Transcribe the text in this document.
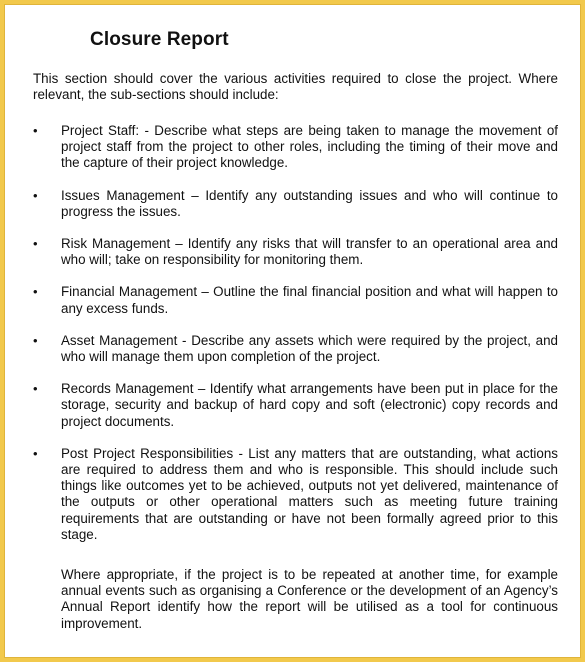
Closure Report
This section should cover the various activities required to close the project. Where relevant, the sub-sections should include:
•	Project Staff: - Describe what steps are being taken to manage the movement of project staff from the project to other roles, including the timing of their move and the capture of their project knowledge.
•	Issues Management – Identify any outstanding issues and who will continue to progress the issues.
•	Risk Management – Identify any risks that will transfer to an operational area and who will; take on responsibility for monitoring them.
•	Financial Management – Outline the final financial position and what will happen to any excess funds.
•	Asset Management - Describe any assets which were required by the project, and who will manage them upon completion of the project.
•	Records Management – Identify what arrangements have been put in place for the storage, security and backup of hard copy and soft (electronic) copy records and project documents.
•	Post Project Responsibilities - List any matters that are outstanding, what actions are required to address them and who is responsible. This should include such things like outcomes yet to be achieved, outputs not yet delivered, maintenance of the outputs or other operational matters such as meeting future training requirements that are outstanding or have not been formally agreed prior to this stage.
Where appropriate, if the project is to be repeated at another time, for example annual events such as organising a Conference or the development of an Agency’s Annual Report identify how the report will be utilised as a tool for continuous improvement.
